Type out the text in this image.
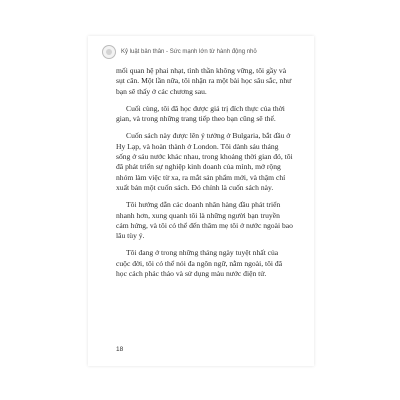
Kỷ luật bản thân - Sức mạnh lớn từ hành động nhỏ

mối quan hệ phai nhạt, tình thần không vững, tôi gầy và sụt cân. Một lần nữa, tôi nhận ra một bài học sâu sắc, như bạn sẽ thấy ở các chương sau.

Cuối cùng, tôi đã học được giá trị đích thực của thời gian, và trong những trang tiếp theo bạn cũng sẽ thế.

Cuốn sách này được lên ý tưởng ở Bulgaria, bắt đầu ở Hy Lạp, và hoàn thành ở London. Tôi dành sáu tháng sống ở sáu nước khác nhau, trong khoảng thời gian đó, tôi đã phát triển sự nghiệp kinh doanh của mình, mở rộng nhóm làm việc từ xa, ra mắt sản phẩm mới, và thậm chí xuất bản một cuốn sách. Đó chính là cuốn sách này.

Tôi hướng dẫn các doanh nhân hàng đầu phát triển nhanh hơn, xung quanh tôi là những người bạn truyền cảm hứng, và tôi có thể đến thăm mẹ tôi ở nước ngoài bao lâu tùy ý.

Tôi đang ở trong những tháng ngày tuyệt nhất của cuộc đời, tôi có thể nói đa ngôn ngữ, nằm ngoài, tôi đã học cách phác thảo và sử dụng màu nước điện tử.

18
